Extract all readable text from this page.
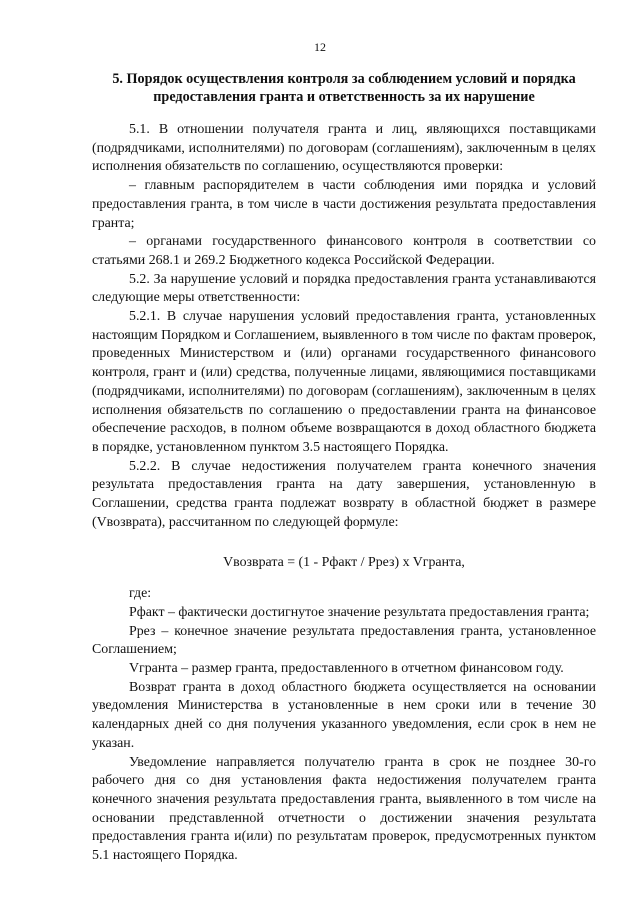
12
5. Порядок осуществления контроля за соблюдением условий и порядка предоставления гранта и ответственность за их нарушение

5.1. В отношении получателя гранта и лиц, являющихся поставщиками (подрядчиками, исполнителями) по договорам (соглашениям), заключенным в целях исполнения обязательств по соглашению, осуществляются проверки:

– главным распорядителем в части соблюдения ими порядка и условий предоставления гранта, в том числе в части достижения результата предоставления гранта;

– органами государственного финансового контроля в соответствии со статьями 268.1 и 269.2 Бюджетного кодекса Российской Федерации.

5.2. За нарушение условий и порядка предоставления гранта устанавливаются следующие меры ответственности:

5.2.1. В случае нарушения условий предоставления гранта, установленных настоящим Порядком и Соглашением, выявленного в том числе по фактам проверок, проведенных Министерством и (или) органами государственного финансового контроля, грант и (или) средства, полученные лицами, являющимися поставщиками (подрядчиками, исполнителями) по договорам (соглашениям), заключенным в целях исполнения обязательств по соглашению о предоставлении гранта на финансовое обеспечение расходов, в полном объеме возвращаются в доход областного бюджета в порядке, установленном пунктом 3.5 настоящего Порядка.

5.2.2. В случае недостижения получателем гранта конечного значения результата предоставления гранта на дату завершения, установленную в Соглашении, средства гранта подлежат возврату в областной бюджет в размере (Vвозврата), рассчитанном по следующей формуле:

Vвозврата = (1 - Рфакт / Ррез) x Vгранта,

где:

Рфакт – фактически достигнутое значение результата предоставления гранта;

Ррез – конечное значение результата предоставления гранта, установленное Соглашением;

Vгранта – размер гранта, предоставленного в отчетном финансовом году.

Возврат гранта в доход областного бюджета осуществляется на основании уведомления Министерства в установленные в нем сроки или в течение 30 календарных дней со дня получения указанного уведомления, если срок в нем не указан.

Уведомление направляется получателю гранта в срок не позднее 30-го рабочего дня со дня установления факта недостижения получателем гранта конечного значения результата предоставления гранта, выявленного в том числе на основании представленной отчетности о достижении значения результата предоставления гранта и(или) по результатам проверок, предусмотренных пунктом 5.1 настоящего Порядка.
